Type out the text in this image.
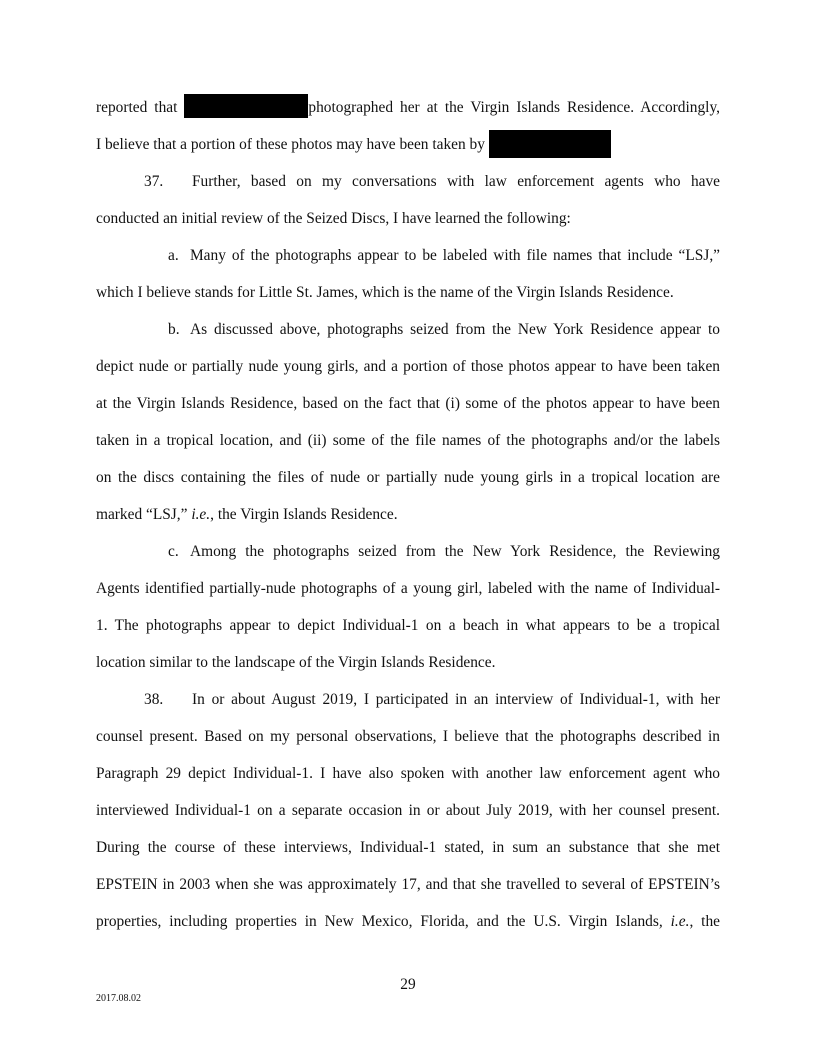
reported that	photographed her at the Virgin Islands Residence. Accordingly,
I believe that a portion of these photos may have been taken by
37. Further, based on my conversations with law enforcement agents who have
conducted an initial review of the Seized Discs, I have learned the following:
a. Many of the photographs appear to be labeled with file names that include “LSJ,”
which I believe stands for Little St. James, which is the name of the Virgin Islands Residence.
b. As discussed above, photographs seized from the New York Residence appear to
depict nude or partially nude young girls, and a portion of those photos appear to have been taken
at the Virgin Islands Residence, based on the fact that (i) some of the photos appear to have been
taken in a tropical location, and (ii) some of the file names of the photographs and/or the labels
on the discs containing the files of nude or partially nude young girls in a tropical location are
marked “LSJ,” i.e., the Virgin Islands Residence.
c. Among the photographs seized from the New York Residence, the Reviewing
Agents identified partially-nude photographs of a young girl, labeled with the name of Individual-
1. The photographs appear to depict Individual-1 on a beach in what appears to be a tropical
location similar to the landscape of the Virgin Islands Residence.
38. In or about August 2019, I participated in an interview of Individual-1, with her
counsel present. Based on my personal observations, I believe that the photographs described in
Paragraph 29 depict Individual-1. I have also spoken with another law enforcement agent who
interviewed Individual-1 on a separate occasion in or about July 2019, with her counsel present.
During the course of these interviews, Individual-1 stated, in sum an substance that she met
EPSTEIN in 2003 when she was approximately 17, and that she travelled to several of EPSTEIN’s
properties, including properties in New Mexico, Florida, and the U.S. Virgin Islands, i.e., the
29
2017.08.02
